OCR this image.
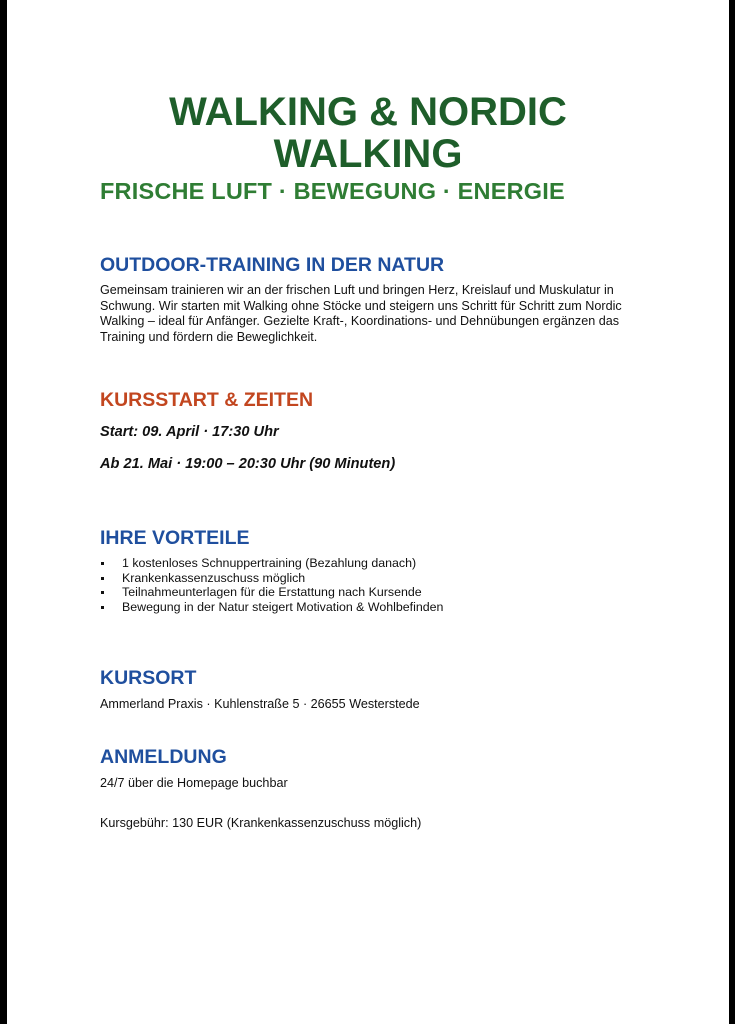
WALKING & NORDIC
WALKING
FRISCHE LUFT · BEWEGUNG · ENERGIE
OUTDOOR-TRAINING IN DER NATUR
Gemeinsam trainieren wir an der frischen Luft und bringen Herz, Kreislauf und Muskulatur in
Schwung. Wir starten mit Walking ohne Stöcke und steigern uns Schritt für Schritt zum Nordic
Walking – ideal für Anfänger. Gezielte Kraft-, Koordinations- und Dehnübungen ergänzen das
Training und fördern die Beweglichkeit.
KURSSTART & ZEITEN
Start: 09. April · 17:30 Uhr
Ab 21. Mai · 19:00 – 20:30 Uhr (90 Minuten)
IHRE VORTEILE
1 kostenloses Schnuppertraining (Bezahlung danach)
Krankenkassenzuschuss möglich
Teilnahmeunterlagen für die Erstattung nach Kursende
Bewegung in der Natur steigert Motivation & Wohlbefinden
KURSORT
Ammerland Praxis · Kuhlenstraße 5 · 26655 Westerstede
ANMELDUNG
24/7 über die Homepage buchbar
Kursgebühr: 130 EUR (Krankenkassenzuschuss möglich)
